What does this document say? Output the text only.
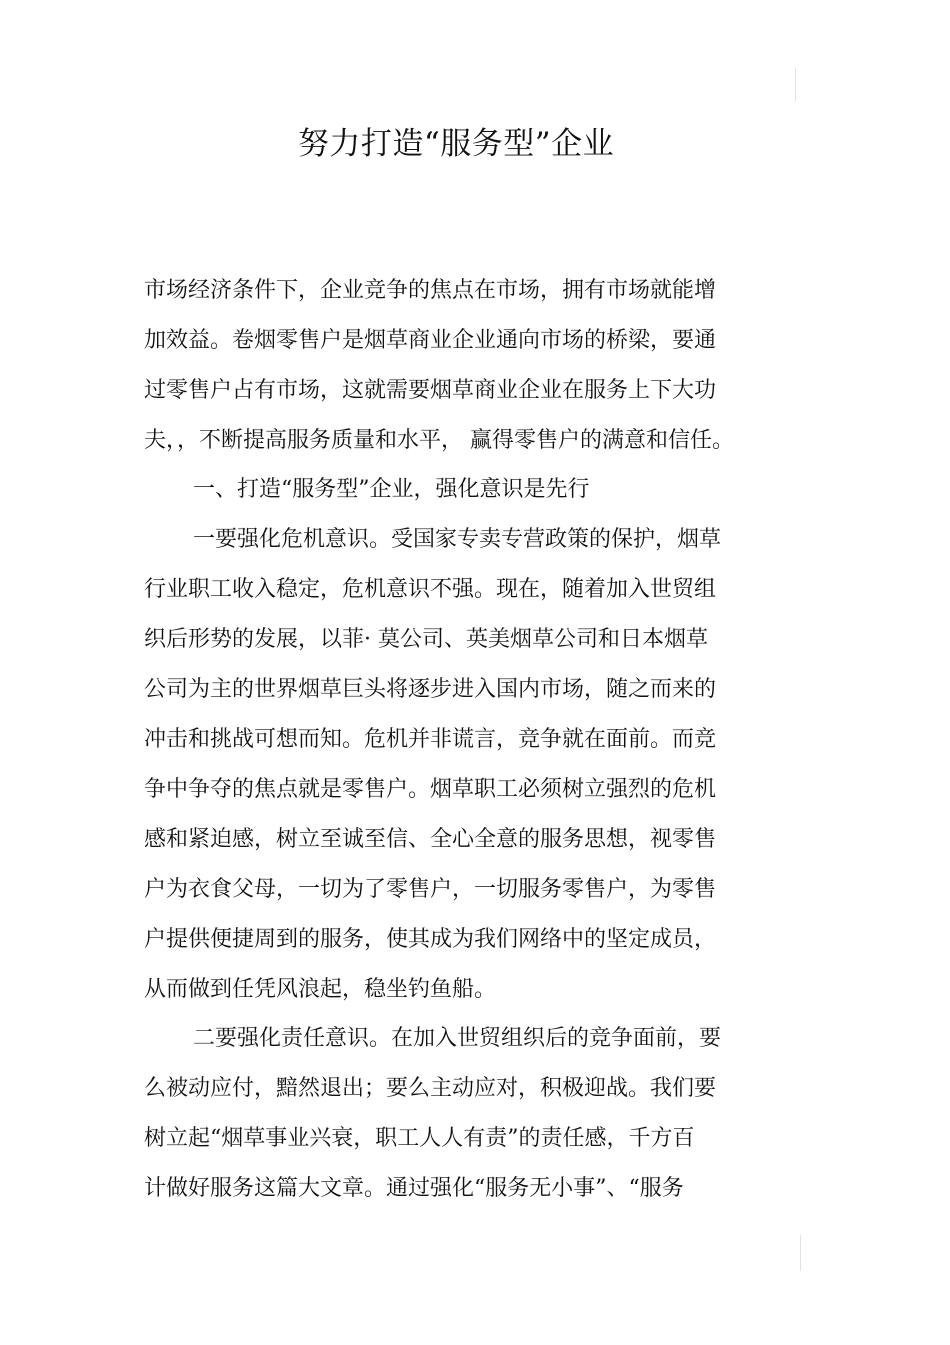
努力打造“服务型”企业
市场经济条件下，企业竞争的焦点在市场，拥有市场就能增
加效益。卷烟零售户是烟草商业企业通向市场的桥梁，要通
过零售户占有市场，这就需要烟草商业企业在服务上下大功
夫，，不断提高服务质量和水平， 赢得零售户的满意和信任。
一、打造“服务型”企业，强化意识是先行
一要强化危机意识。受国家专卖专营政策的保护，烟草
行业职工收入稳定，危机意识不强。现在，随着加入世贸组
织后形势的发展，以菲· 莫公司、英美烟草公司和日本烟草
公司为主的世界烟草巨头将逐步进入国内市场，随之而来的
冲击和挑战可想而知。危机并非谎言，竞争就在面前。而竞
争中争夺的焦点就是零售户。烟草职工必须树立强烈的危机
感和紧迫感，树立至诚至信、全心全意的服务思想，视零售
户为衣食父母，一切为了零售户，一切服务零售户，为零售
户提供便捷周到的服务，使其成为我们网络中的坚定成员，
从而做到任凭风浪起，稳坐钓鱼船。
二要强化责任意识。在加入世贸组织后的竞争面前，要
么被动应付，黯然退出；要么主动应对，积极迎战。我们要
树立起“烟草事业兴衰，职工人人有责”的责任感，千方百
计做好服务这篇大文章。通过强化“服务无小事”、“服务
